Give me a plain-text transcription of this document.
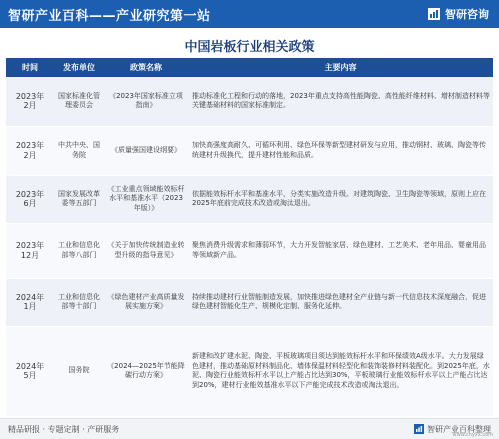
智研产业百科——产业研究第一站	智研咨询
中国岩板行业相关政策
时间	发布单位	政策名称	主要内容
2023年
2月	国家标准化管理委员会	《2023年国家标准立项指南》	推动标准化工程和行动的落地，2023年重点支持高性能陶瓷、高性能纤维材料、增材制造材料等关键基础材料的国家标准制定。
2023年
2月	中共中央、国务院	《质量强国建设纲要》	加快高强度高耐久、可循环利用、绿色环保等新型建材研发与应用，推动钢材、玻璃、陶瓷等传统建材升级换代，提升建材性能和品质。
2023年
6月	国家发展改革委等五部门	《工业重点领域能效标杆水平和基准水平（2023年版）》	依据能效标杆水平和基准水平，分类实施改造升级。对建筑陶瓷、卫生陶瓷等领域，原则上应在2025年底前完成技术改造或淘汰退出。
2023年
12月	工业和信息化部等八部门	《关于加快传统制造业转型升级的指导意见》	聚焦消费升级需求和薄弱环节，大力开发智能家居、绿色建材、工艺美术、老年用品、婴童用品等领域新产品。
2024年
1月	工业和信息化部等十部门	《绿色建材产业高质量发展实施方案》	持续推动建材行业智能制造发展，加快推进绿色建材全产业链与新一代信息技术深度融合，促进绿色建材智能化生产、规模化定制、服务化延伸。
2024年
5月	国务院	《2024—2025年节能降碳行动方案》	新建和改扩建水泥、陶瓷、平板玻璃项目须达到能效标杆水平和环保绩效A级水平。大力发展绿色建材，推动基础原材料制品化、墙体保温材料轻型化和装饰装修材料装配化。到2025年底，水泥、陶瓷行业能效标杆水平以上产能占比达到30%，平板玻璃行业能效标杆水平以上产能占比达到20%，建材行业能效基准水平以下产能完成技术改造或淘汰退出。
精品研报 · 专题定制 · 产研服务	智研产业百科整理
www.chyxx.com
